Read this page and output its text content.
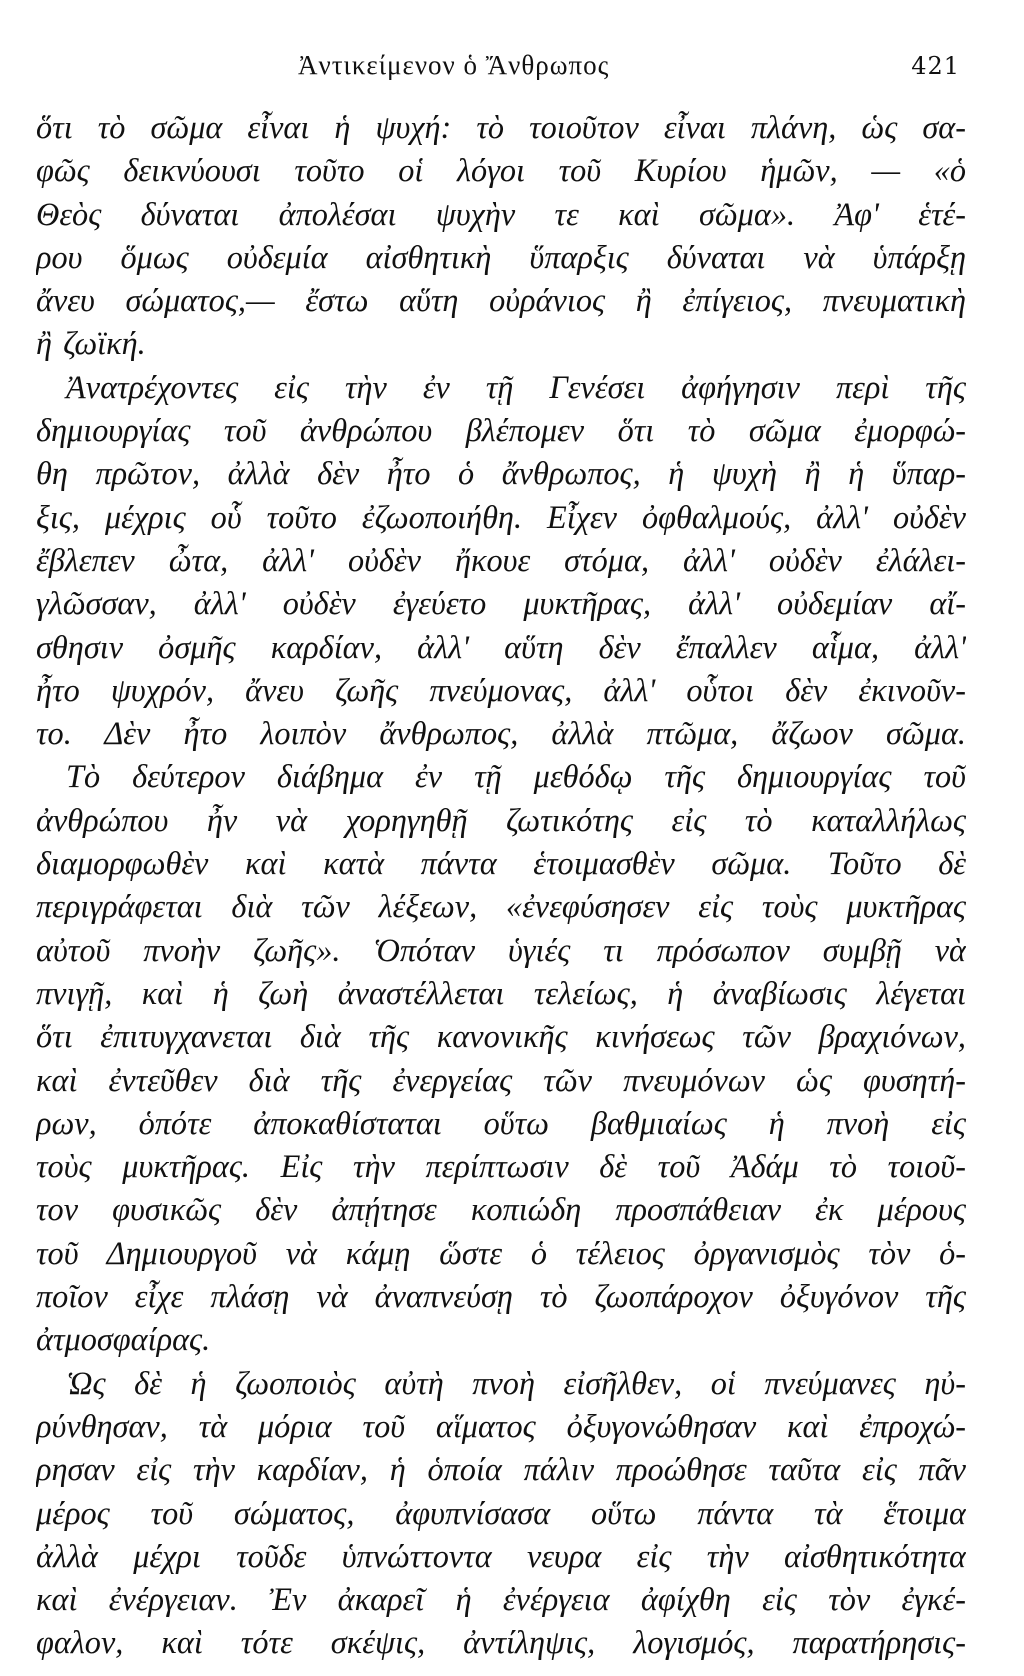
Ἀντικείμενον ὁ Ἄνθρωπος	421
ὅτι τὸ σῶμα εἶναι ἡ ψυχή: τὸ τοιοῦτον εἶναι πλάνη, ὡς σα-
φῶς δεικνύουσι τοῦτο οἱ λόγοι τοῦ Κυρίου ἡμῶν, — «ὁ
Θεὸς δύναται ἀπολέσαι ψυχὴν τε καὶ σῶμα». Ἀφ' ἑτέ-
ρου ὅμως οὐδεμία αἰσθητικὴ ὕπαρξις δύναται νὰ ὑπάρξῃ
ἄνευ σώματος,— ἔστω αὕτη οὐράνιος ἢ ἐπίγειος, πνευματικὴ
ἢ ζωϊκή.
Ἀνατρέχοντες εἰς τὴν ἐν τῇ Γενέσει ἀφήγησιν περὶ τῆς
δημιουργίας τοῦ ἀνθρώπου βλέπομεν ὅτι τὸ σῶμα ἐμορφώ-
θη πρῶτον, ἀλλὰ δὲν ἦτο ὁ ἄνθρωπος, ἡ ψυχὴ ἢ ἡ ὕπαρ-
ξις, μέχρις οὗ τοῦτο ἐζωοποιήθη. Εἶχεν ὀφθαλμούς, ἀλλ' οὐδὲν
ἔβλεπεν ὦτα, ἀλλ' οὐδὲν ἤκουε στόμα, ἀλλ' οὐδὲν ἐλάλει-
γλῶσσαν, ἀλλ' οὐδὲν ἐγεύετο μυκτῆρας, ἀλλ' οὐδεμίαν αἴ-
σθησιν ὀσμῆς καρδίαν, ἀλλ' αὕτη δὲν ἔπαλλεν αἷμα, ἀλλ'
ἦτο ψυχρόν, ἄνευ ζωῆς πνεύμονας, ἀλλ' οὗτοι δὲν ἐκινοῦν-
το. Δὲν ἦτο λοιπὸν ἄνθρωπος, ἀλλὰ πτῶμα, ἄζωον σῶμα.
Τὸ δεύτερον διάβημα ἐν τῇ μεθόδῳ τῆς δημιουργίας τοῦ
ἀνθρώπου ἦν νὰ χορηγηθῇ ζωτικότης εἰς τὸ καταλλήλως
διαμορφωθὲν καὶ κατὰ πάντα ἑτοιμασθὲν σῶμα. Τοῦτο δὲ
περιγράφεται διὰ τῶν λέξεων, «ἐνεφύσησεν εἰς τοὺς μυκτῆρας
αὐτοῦ πνοὴν ζωῆς». Ὁπόταν ὑγιές τι πρόσωπον συμβῇ νὰ
πνιγῇ, καὶ ἡ ζωὴ ἀναστέλλεται τελείως, ἡ ἀναβίωσις λέγεται
ὅτι ἐπιτυγχανεται διὰ τῆς κανονικῆς κινήσεως τῶν βραχιόνων,
καὶ ἐντεῦθεν διὰ τῆς ἐνεργείας τῶν πνευμόνων ὡς φυσητή-
ρων, ὁπότε ἀποκαθίσταται οὕτω βαθμιαίως ἡ πνοὴ εἰς
τοὺς μυκτῆρας. Εἰς τὴν περίπτωσιν δὲ τοῦ Ἀδάμ τὸ τοιοῦ-
τον φυσικῶς δὲν ἀπῄτησε κοπιώδη προσπάθειαν ἐκ μέρους
τοῦ Δημιουργοῦ νὰ κάμῃ ὥστε ὁ τέλειος ὀργανισμὸς τὸν ὁ-
ποῖον εἶχε πλάσῃ νὰ ἀναπνεύσῃ τὸ ζωοπάροχον ὀξυγόνον τῆς
ἀτμοσφαίρας.
Ὡς δὲ ἡ ζωοποιὸς αὐτὴ πνοὴ εἰσῆλθεν, οἱ πνεύμανες ηὐ-
ρύνθησαν, τὰ μόρια τοῦ αἵματος ὀξυγονώθησαν καὶ ἐπροχώ-
ρησαν εἰς τὴν καρδίαν, ἡ ὁποία πάλιν προώθησε ταῦτα εἰς πᾶν
μέρος τοῦ σώματος, ἀφυπνίσασα οὕτω πάντα τὰ ἕτοιμα
ἀλλὰ μέχρι τοῦδε ὑπνώττοντα νευρα εἰς τὴν αἰσθητικότητα
καὶ ἐνέργειαν. Ἐν ἀκαρεῖ ἡ ἐνέργεια ἀφίχθη εἰς τὸν ἐγκέ-
φαλον, καὶ τότε σκέψις, ἀντίληψις, λογισμός, παρατήρησις-
